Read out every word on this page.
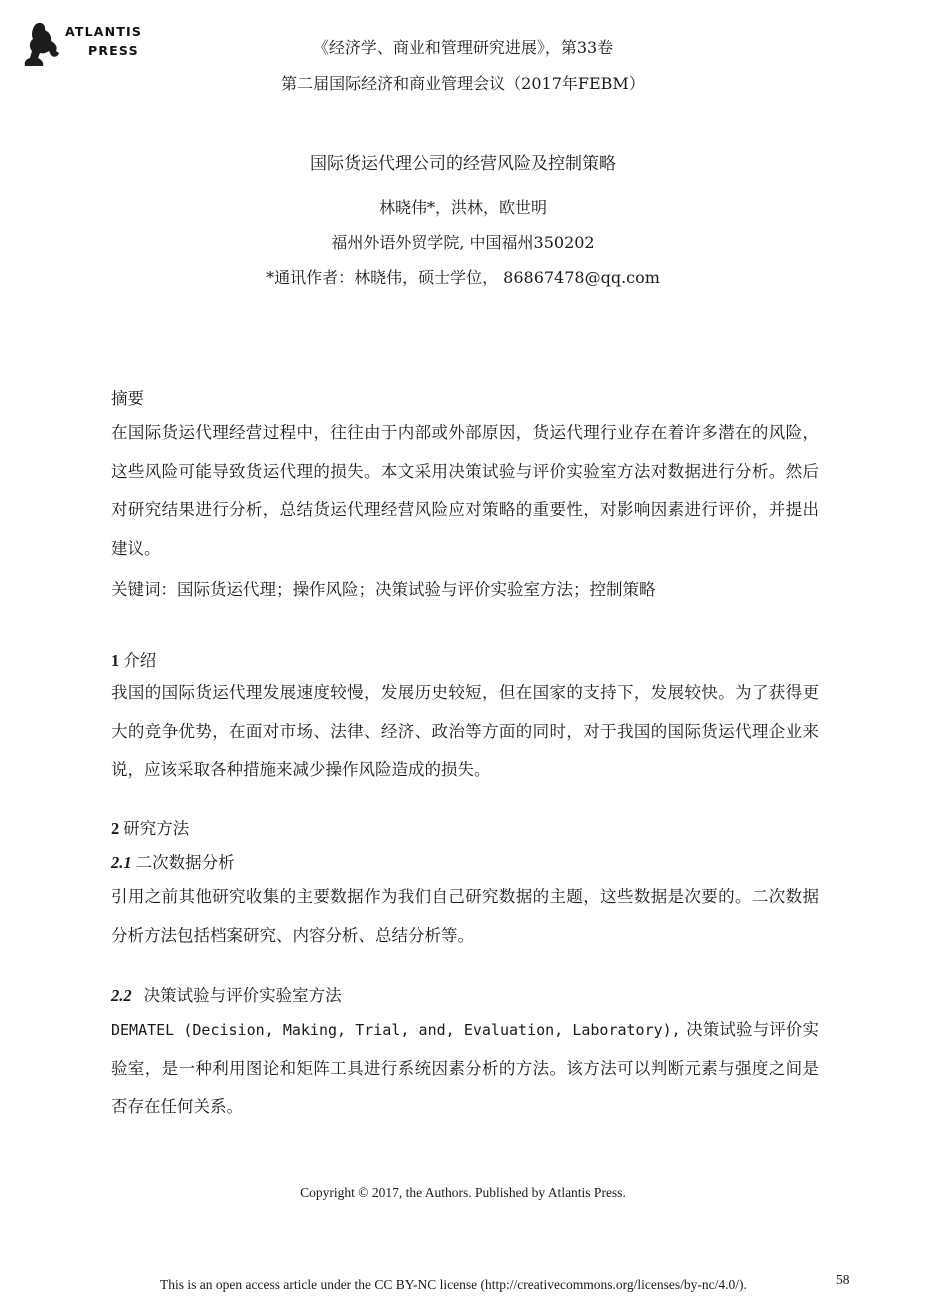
ATLANTIS
PRESS	《经济学、商业和管理研究进展》，第33卷
第二届国际经济和商业管理会议（2017年FEBM）
国际货运代理公司的经营风险及控制策略
林晓伟*，洪林，欧世明
福州外语外贸学院, 中国福州350202
*通讯作者：林晓伟，硕士学位， 86867478@qq.com
摘要
在国际货运代理经营过程中，往往由于内部或外部原因，货运代理行业存在着许多潜在的风险，这些风险可能导致货运代理的损失。本文采用决策试验与评价实验室方法对数据进行分析。然后对研究结果进行分析，总结货运代理经营风险应对策略的重要性，对影响因素进行评价，并提出建议。
关键词：国际货运代理；操作风险；决策试验与评价实验室方法；控制策略
1 介绍
我国的国际货运代理发展速度较慢，发展历史较短，但在国家的支持下，发展较快。为了获得更大的竞争优势，在面对市场、法律、经济、政治等方面的同时，对于我国的国际货运代理企业来说，应该采取各种措施来减少操作风险造成的损失。
2 研究方法
2.1 二次数据分析
引用之前其他研究收集的主要数据作为我们自己研究数据的主题，这些数据是次要的。二次数据分析方法包括档案研究、内容分析、总结分析等。
2.2 决策试验与评价实验室方法
DEMATEL (Decision, Making, Trial, and, Evaluation, Laboratory), 决策试验与评价实验室，是一种利用图论和矩阵工具进行系统因素分析的方法。该方法可以判断元素与强度之间是否存在任何关系。
Copyright © 2017, the Authors. Published by Atlantis Press.
This is an open access article under the CC BY-NC license (http://creativecommons.org/licenses/by-nc/4.0/).	58
